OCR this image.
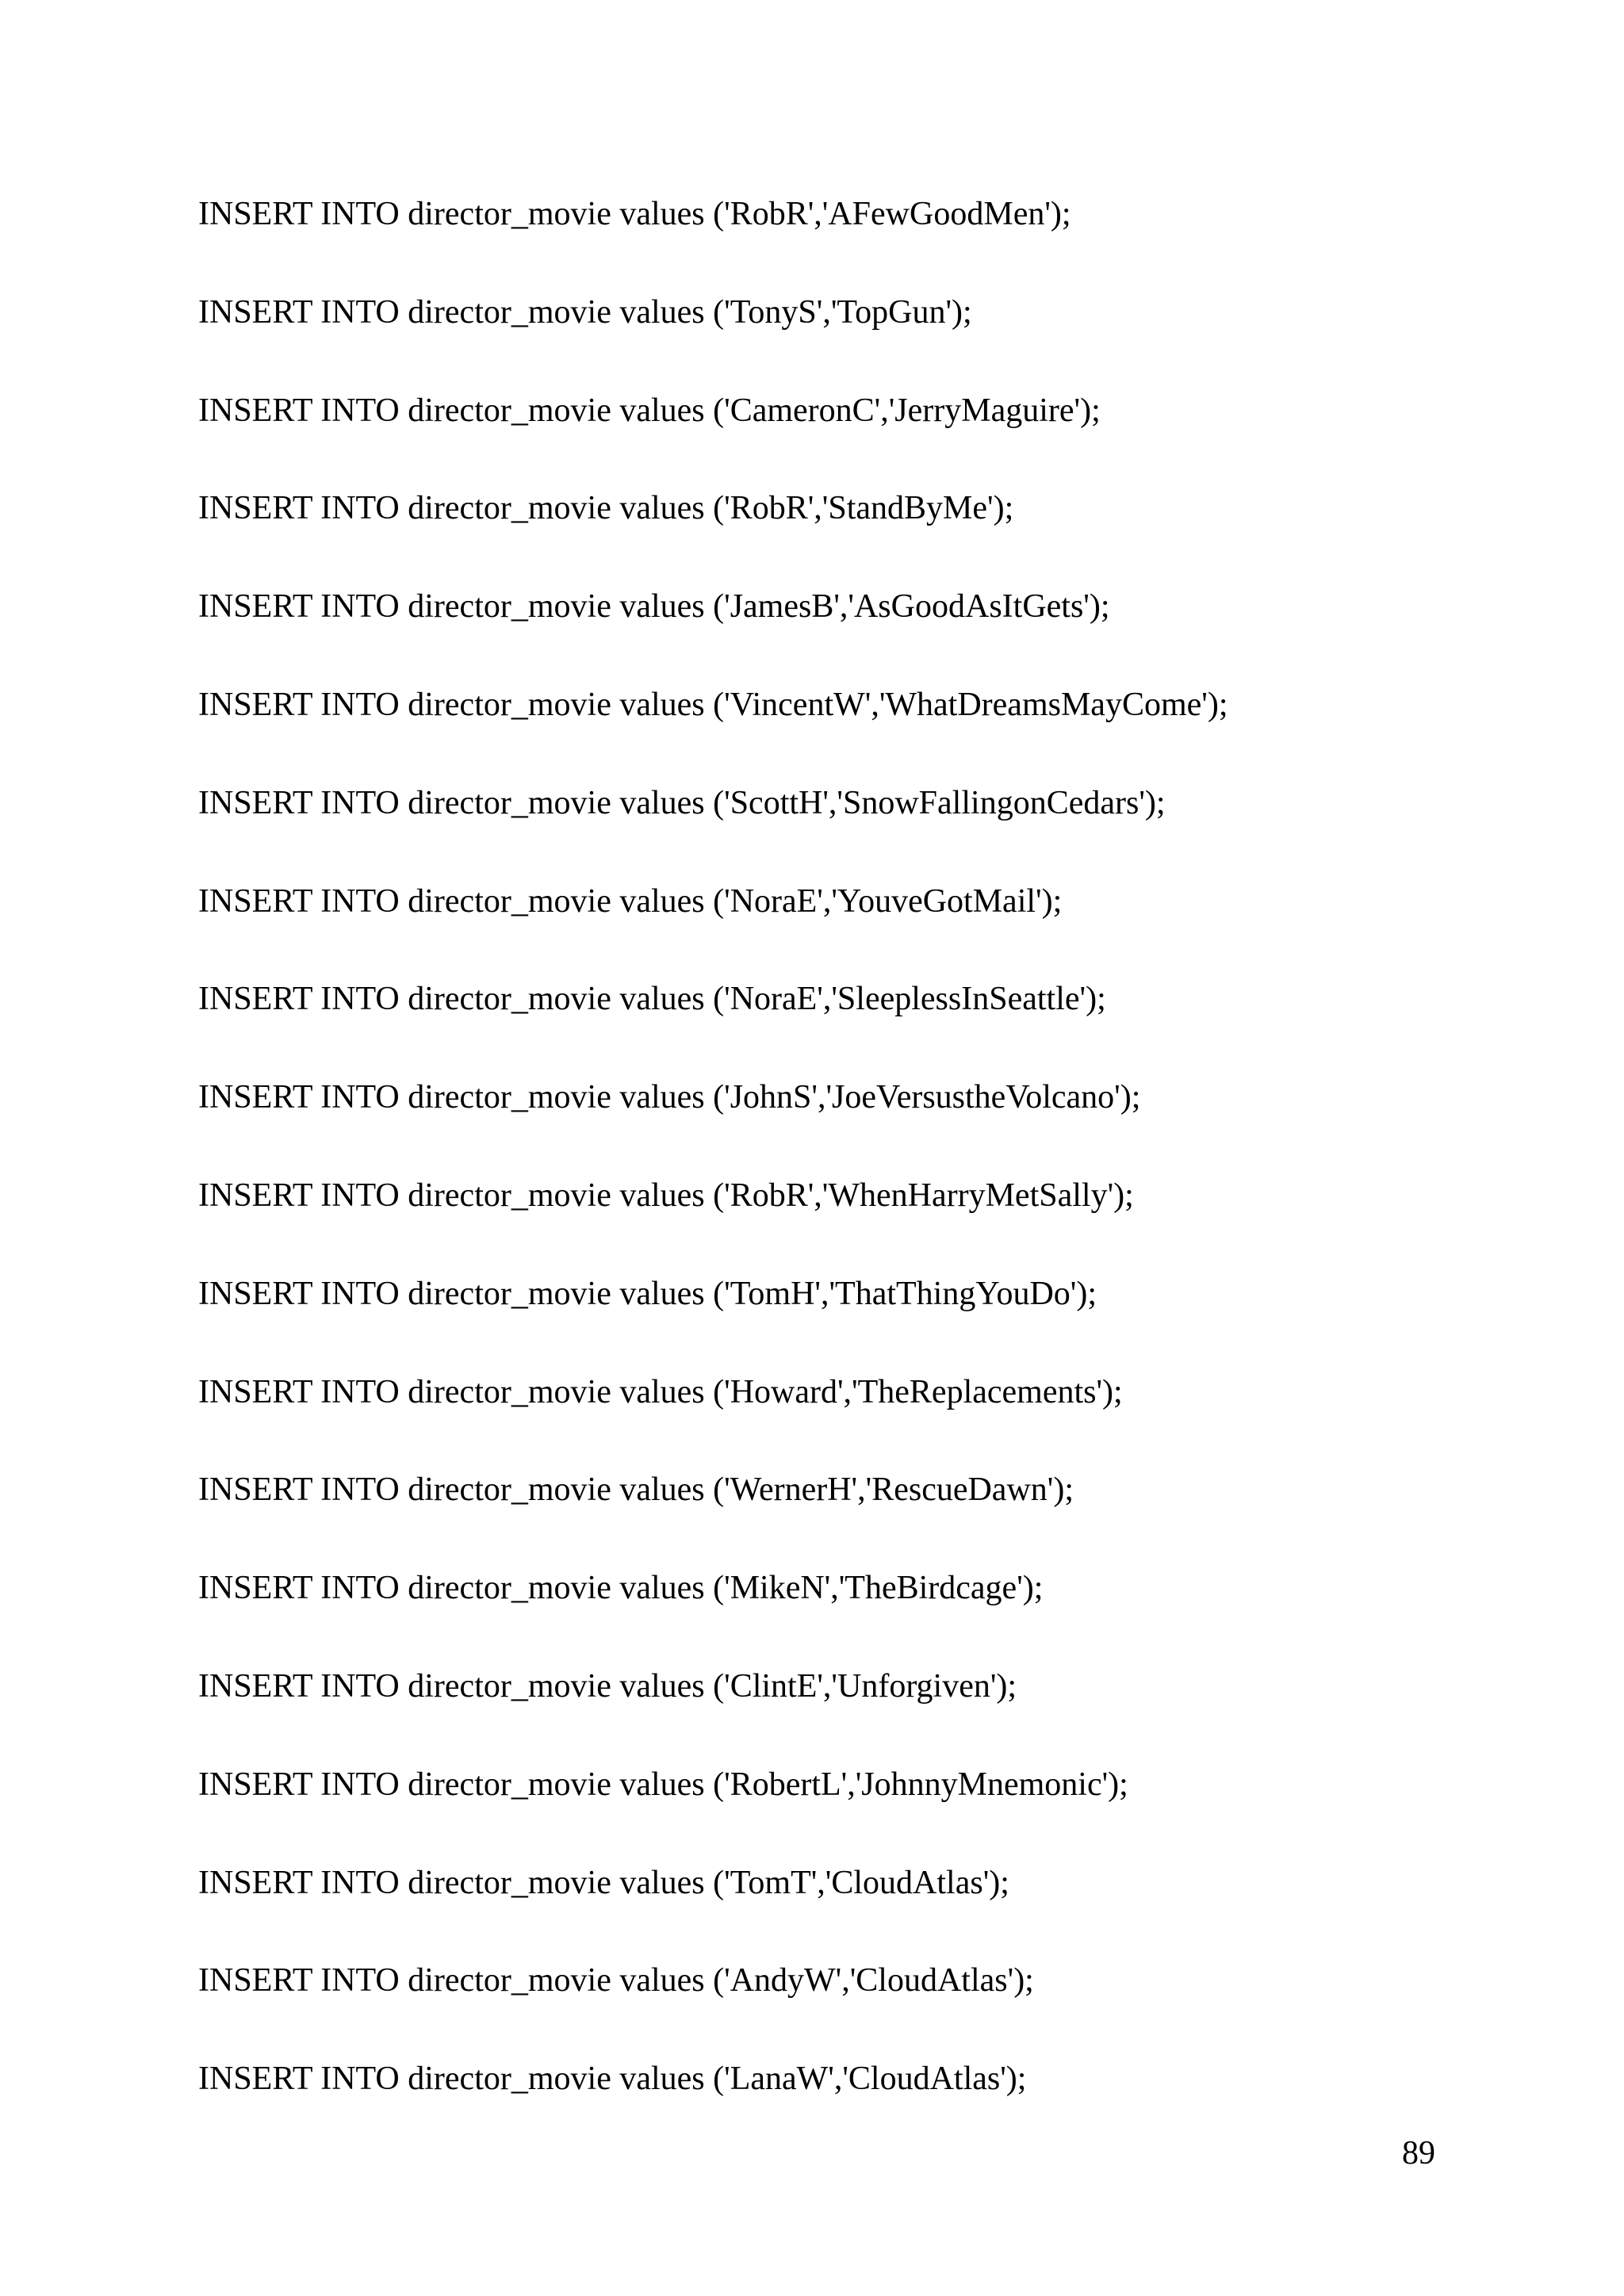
INSERT INTO director_movie values ('RobR','AFewGoodMen');
INSERT INTO director_movie values ('TonyS','TopGun');
INSERT INTO director_movie values ('CameronC','JerryMaguire');
INSERT INTO director_movie values ('RobR','StandByMe');
INSERT INTO director_movie values ('JamesB','AsGoodAsItGets');
INSERT INTO director_movie values ('VincentW','WhatDreamsMayCome');
INSERT INTO director_movie values ('ScottH','SnowFallingonCedars');
INSERT INTO director_movie values ('NoraE','YouveGotMail');
INSERT INTO director_movie values ('NoraE','SleeplessInSeattle');
INSERT INTO director_movie values ('JohnS','JoeVersustheVolcano');
INSERT INTO director_movie values ('RobR','WhenHarryMetSally');
INSERT INTO director_movie values ('TomH','ThatThingYouDo');
INSERT INTO director_movie values ('Howard','TheReplacements');
INSERT INTO director_movie values ('WernerH','RescueDawn');
INSERT INTO director_movie values ('MikeN','TheBirdcage');
INSERT INTO director_movie values ('ClintE','Unforgiven');
INSERT INTO director_movie values ('RobertL','JohnnyMnemonic');
INSERT INTO director_movie values ('TomT','CloudAtlas');
INSERT INTO director_movie values ('AndyW','CloudAtlas');
INSERT INTO director_movie values ('LanaW','CloudAtlas');
89
